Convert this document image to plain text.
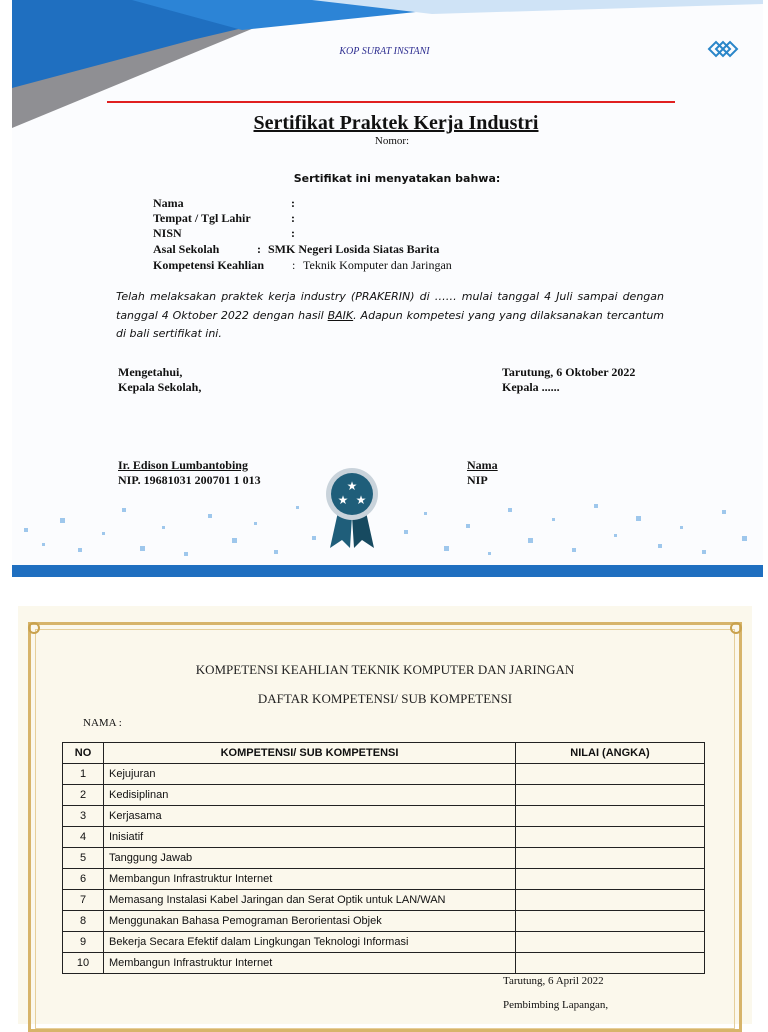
KOP SURAT INSTANI
Sertifikat Praktek Kerja Industri
Nomor:
Sertifikat ini menyatakan bahwa:
Nama	:
Tempat / Tgl Lahir	:
NISN	:
Asal Sekolah	: SMK Negeri Losida Siatas Barita
Kompetensi Keahlian : Teknik Komputer dan Jaringan
Telah melaksakan praktek kerja industry (PRAKERIN) di …… mulai tanggal 4 Juli sampai dengan tanggal 4 Oktober 2022 dengan hasil BAIK. Adapun kompetesi yang yang dilaksanakan tercantum di bali sertifikat ini.
Mengetahui,
Kepala Sekolah,
Tarutung, 6 Oktober 2022
Kepala ......
Ir. Edison Lumbantobing
NIP. 19681031 200701 1 013
Nama
NIP
★
★ ★
KOMPETENSI KEAHLIAN TEKNIK KOMPUTER DAN JARINGAN
DAFTAR KOMPETENSI/ SUB KOMPETENSI
NAMA :
NO	KOMPETENSI/ SUB KOMPETENSI	NILAI (ANGKA)
1	Kejujuran	
2	Kedisiplinan	
3	Kerjasama	
4	Inisiatif	
5	Tanggung Jawab	
6	Membangun Infrastruktur Internet	
7	Memasang Instalasi Kabel Jaringan dan Serat Optik untuk LAN/WAN	
8	Menggunakan Bahasa Pemograman Berorientasi Objek	
9	Bekerja Secara Efektif dalam Lingkungan Teknologi Informasi	
10	Membangun Infrastruktur Internet	
Tarutung, 6 April 2022
Pembimbing Lapangan,
